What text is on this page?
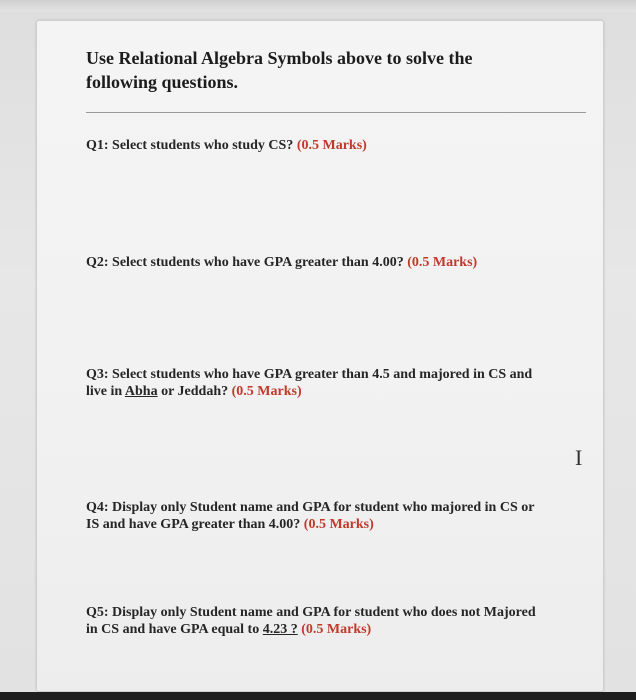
Use Relational Algebra Symbols above to solve the
following questions.
Q1: Select students who study CS? (0.5 Marks)
Q2: Select students who have GPA greater than 4.00? (0.5 Marks)
Q3: Select students who have GPA greater than 4.5 and majored in CS and
live in Abha or Jeddah? (0.5 Marks)
I
Q4: Display only Student name and GPA for student who majored in CS or
IS and have GPA greater than 4.00? (0.5 Marks)
Q5: Display only Student name and GPA for student who does not Majored
in CS and have GPA equal to 4.23 ? (0.5 Marks)
